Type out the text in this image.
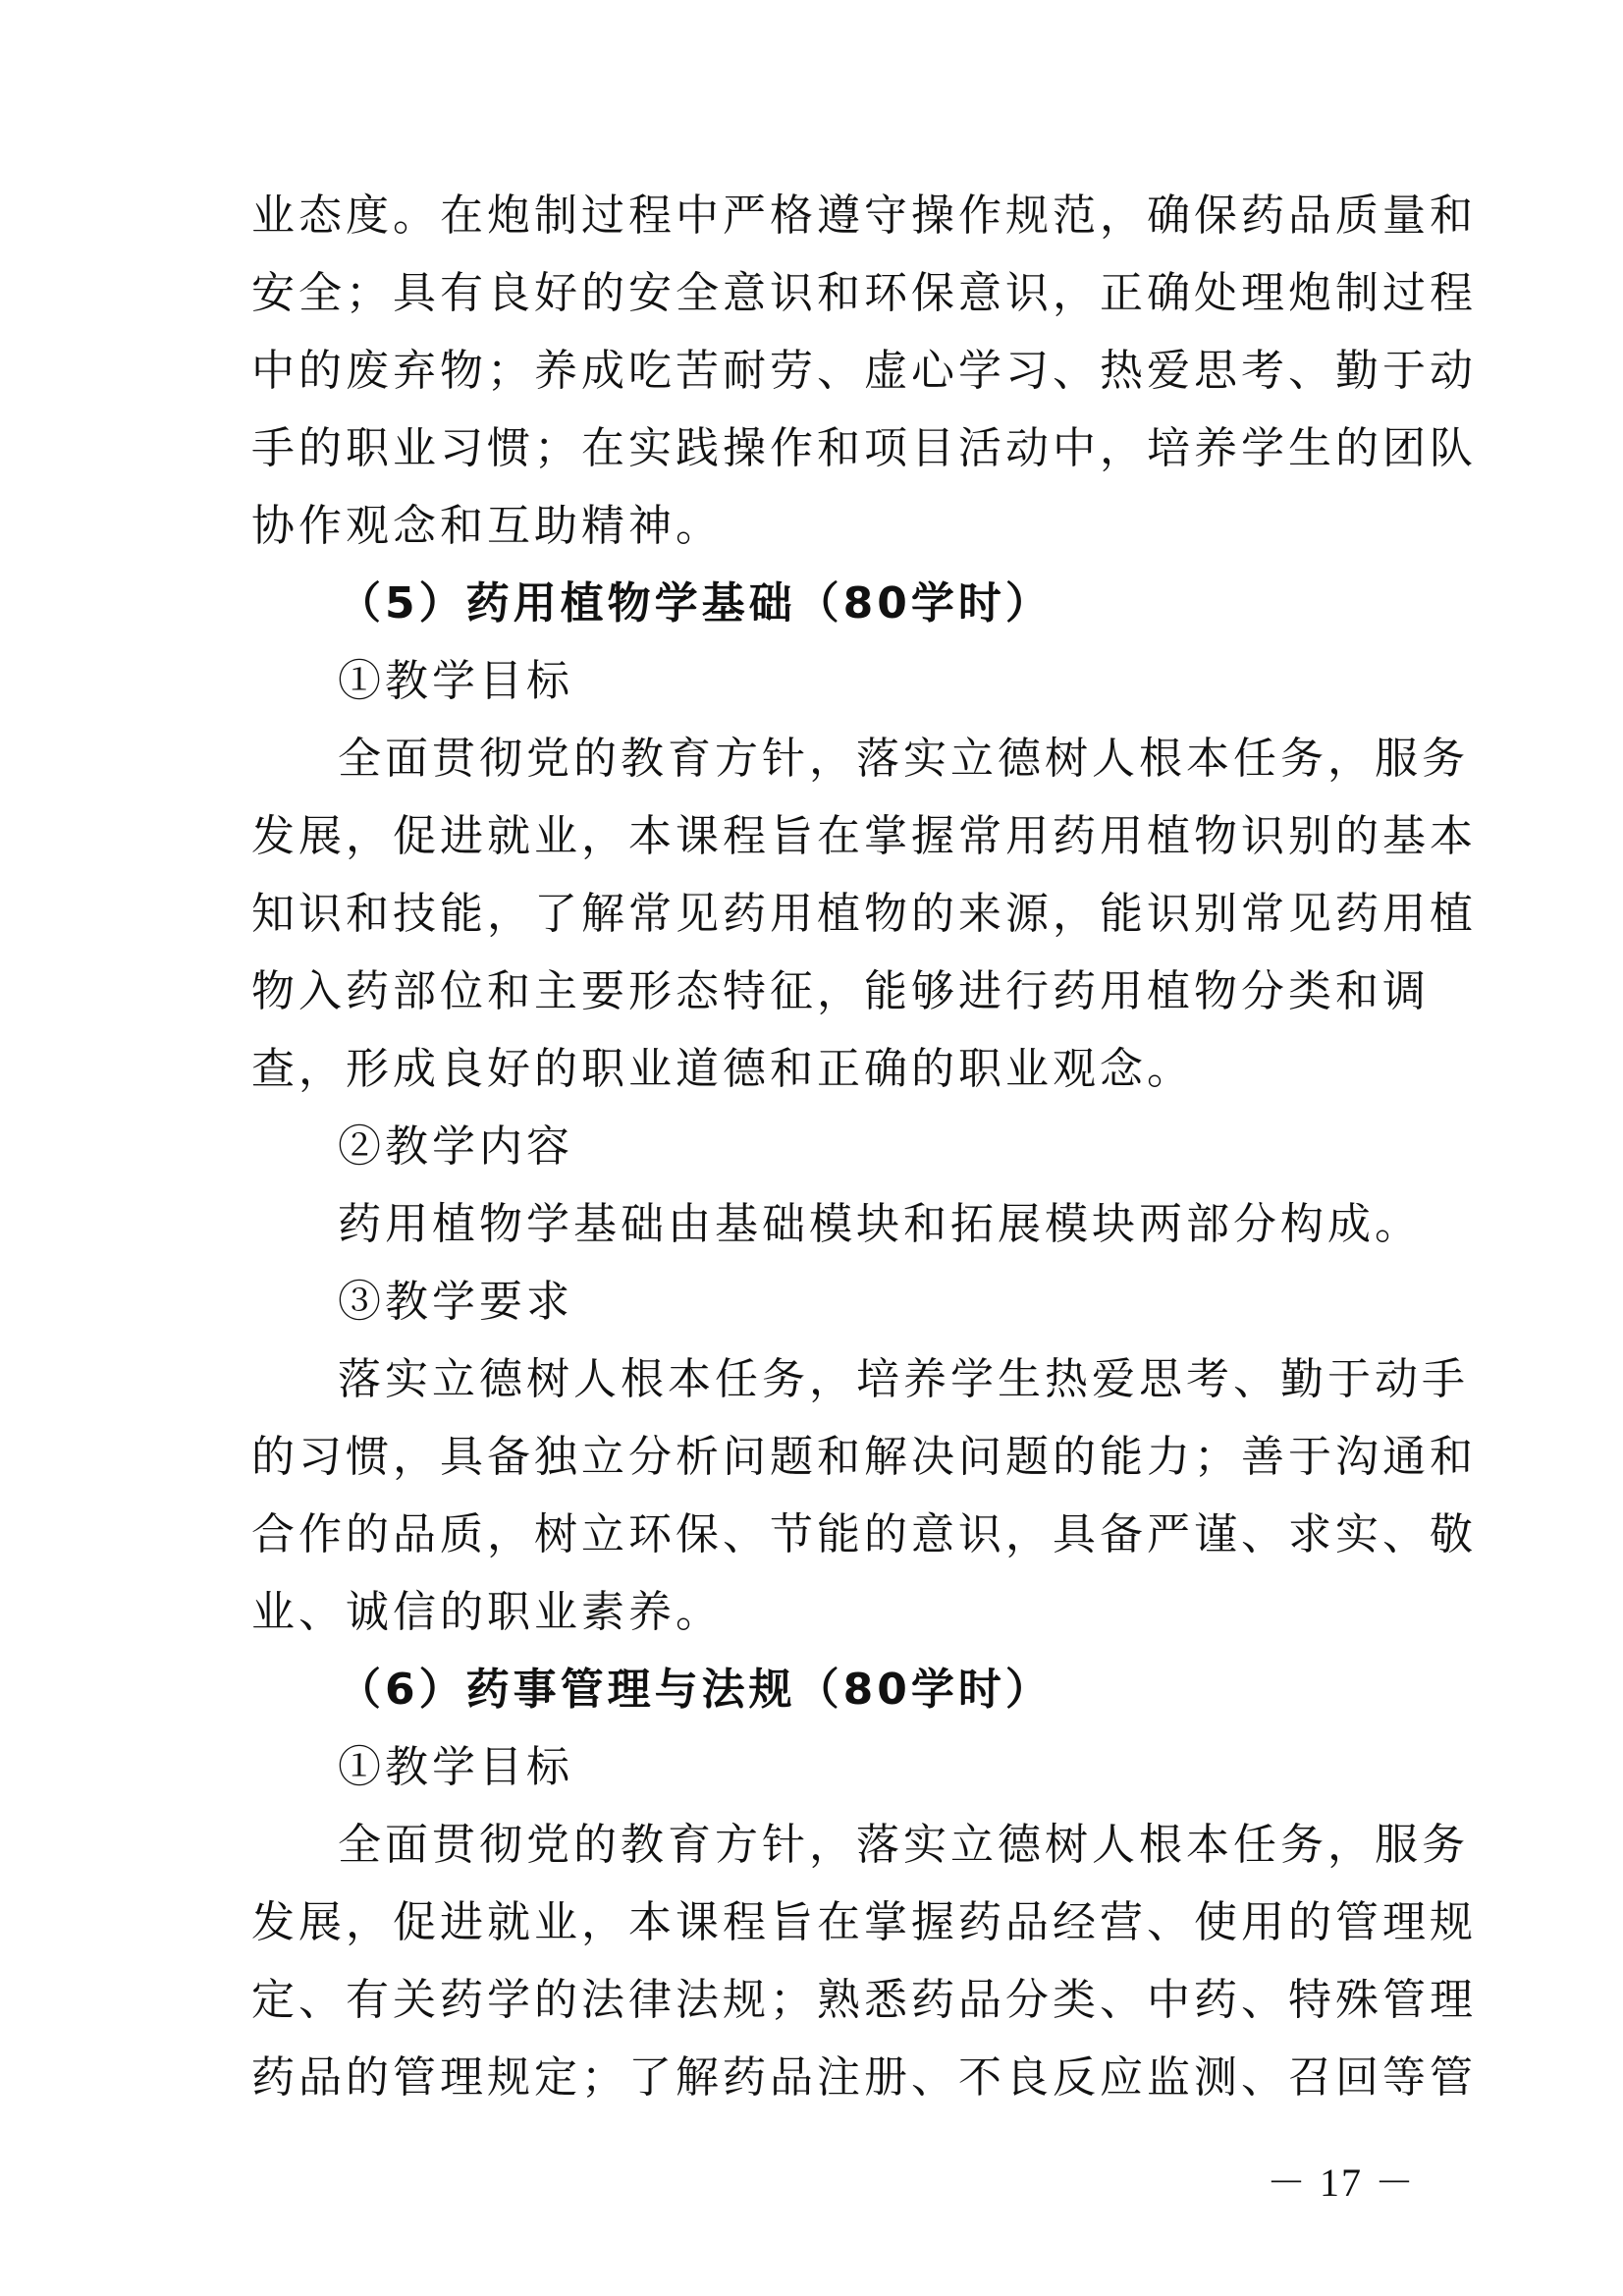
业态度。在炮制过程中严格遵守操作规范，确保药品质量和
安全；具有良好的安全意识和环保意识，正确处理炮制过程
中的废弃物；养成吃苦耐劳、虚心学习、热爱思考、勤于动
手的职业习惯；在实践操作和项目活动中，培养学生的团队
协作观念和互助精神。
（5）药用植物学基础（80学时）
①教学目标
全面贯彻党的教育方针，落实立德树人根本任务，服务
发展，促进就业，本课程旨在掌握常用药用植物识别的基本
知识和技能，了解常见药用植物的来源，能识别常见药用植
物入药部位和主要形态特征，能够进行药用植物分类和调
查，形成良好的职业道德和正确的职业观念。
②教学内容
药用植物学基础由基础模块和拓展模块两部分构成。
③教学要求
落实立德树人根本任务，培养学生热爱思考、勤于动手
的习惯，具备独立分析问题和解决问题的能力；善于沟通和
合作的品质，树立环保、节能的意识，具备严谨、求实、敬
业、诚信的职业素养。
（6）药事管理与法规（80学时）
①教学目标
全面贯彻党的教育方针，落实立德树人根本任务，服务
发展，促进就业，本课程旨在掌握药品经营、使用的管理规
定、有关药学的法律法规；熟悉药品分类、中药、特殊管理
药品的管理规定；了解药品注册、不良反应监测、召回等管
－ 17 －
